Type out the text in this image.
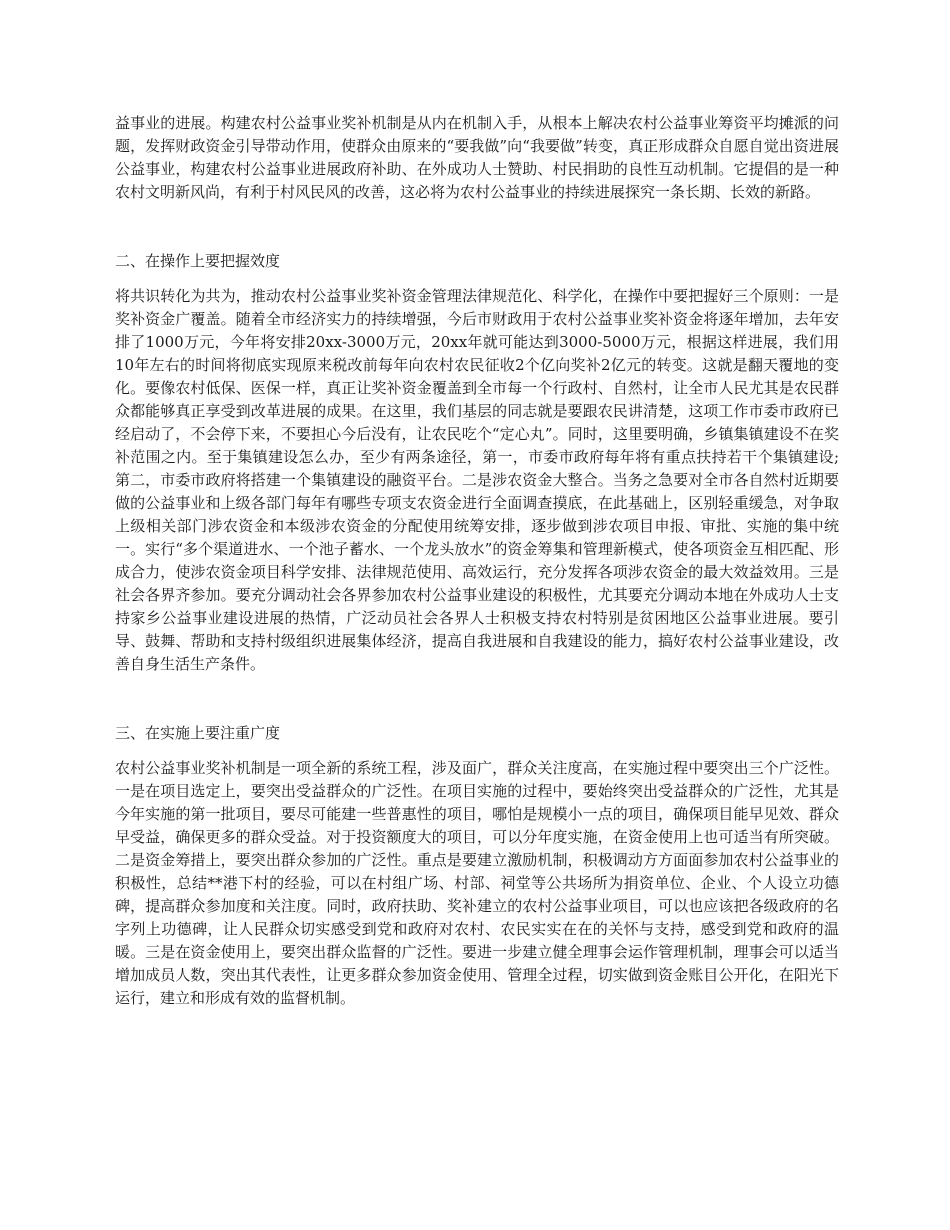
益事业的进展。构建农村公益事业奖补机制是从内在机制入手，从根本上解决农村公益事业筹资平均摊派的问题，发挥财政资金引导带动作用，使群众由原来的“要我做”向“我要做”转变，真正形成群众自愿自觉出资进展公益事业，构建农村公益事业进展政府补助、在外成功人士赞助、村民捐助的良性互动机制。它提倡的是一种农村文明新风尚，有利于村风民风的改善，这必将为农村公益事业的持续进展探究一条长期、长效的新路。

二、在操作上要把握效度

将共识转化为共为，推动农村公益事业奖补资金管理法律规范化、科学化，在操作中要把握好三个原则：一是奖补资金广覆盖。随着全市经济实力的持续增强，今后市财政用于农村公益事业奖补资金将逐年增加，去年安排了1000万元，今年将安排20xx-3000万元，20xx年就可能达到3000-5000万元，根据这样进展，我们用10年左右的时间将彻底实现原来税改前每年向农村农民征收2个亿向奖补2亿元的转变。这就是翻天覆地的变化。要像农村低保、医保一样，真正让奖补资金覆盖到全市每一个行政村、自然村，让全市人民尤其是农民群众都能够真正享受到改革进展的成果。在这里，我们基层的同志就是要跟农民讲清楚，这项工作市委市政府已经启动了，不会停下来，不要担心今后没有，让农民吃个“定心丸”。同时，这里要明确，乡镇集镇建设不在奖补范围之内。至于集镇建设怎么办，至少有两条途径，第一，市委市政府每年将有重点扶持若干个集镇建设;第二，市委市政府将搭建一个集镇建设的融资平台。二是涉农资金大整合。当务之急要对全市各自然村近期要做的公益事业和上级各部门每年有哪些专项支农资金进行全面调查摸底，在此基础上，区别轻重缓急，对争取上级相关部门涉农资金和本级涉农资金的分配使用统筹安排，逐步做到涉农项目申报、审批、实施的集中统一。实行“多个渠道进水、一个池子蓄水、一个龙头放水”的资金筹集和管理新模式，使各项资金互相匹配、形成合力，使涉农资金项目科学安排、法律规范使用、高效运行，充分发挥各项涉农资金的最大效益效用。三是社会各界齐参加。要充分调动社会各界参加农村公益事业建设的积极性，尤其要充分调动本地在外成功人士支持家乡公益事业建设进展的热情，广泛动员社会各界人士积极支持农村特别是贫困地区公益事业进展。要引导、鼓舞、帮助和支持村级组织进展集体经济，提高自我进展和自我建设的能力，搞好农村公益事业建设，改善自身生活生产条件。

三、在实施上要注重广度

农村公益事业奖补机制是一项全新的系统工程，涉及面广，群众关注度高，在实施过程中要突出三个广泛性。一是在项目选定上，要突出受益群众的广泛性。在项目实施的过程中，要始终突出受益群众的广泛性，尤其是今年实施的第一批项目，要尽可能建一些普惠性的项目，哪怕是规模小一点的项目，确保项目能早见效、群众早受益，确保更多的群众受益。对于投资额度大的项目，可以分年度实施，在资金使用上也可适当有所突破。二是资金筹措上，要突出群众参加的广泛性。重点是要建立激励机制，积极调动方方面面参加农村公益事业的积极性，总结**港下村的经验，可以在村组广场、村部、祠堂等公共场所为捐资单位、企业、个人设立功德碑，提高群众参加度和关注度。同时，政府扶助、奖补建立的农村公益事业项目，可以也应该把各级政府的名字列上功德碑，让人民群众切实感受到党和政府对农村、农民实实在在的关怀与支持，感受到党和政府的温暖。三是在资金使用上，要突出群众监督的广泛性。要进一步建立健全理事会运作管理机制，理事会可以适当增加成员人数，突出其代表性，让更多群众参加资金使用、管理全过程，切实做到资金账目公开化，在阳光下运行，建立和形成有效的监督机制。
